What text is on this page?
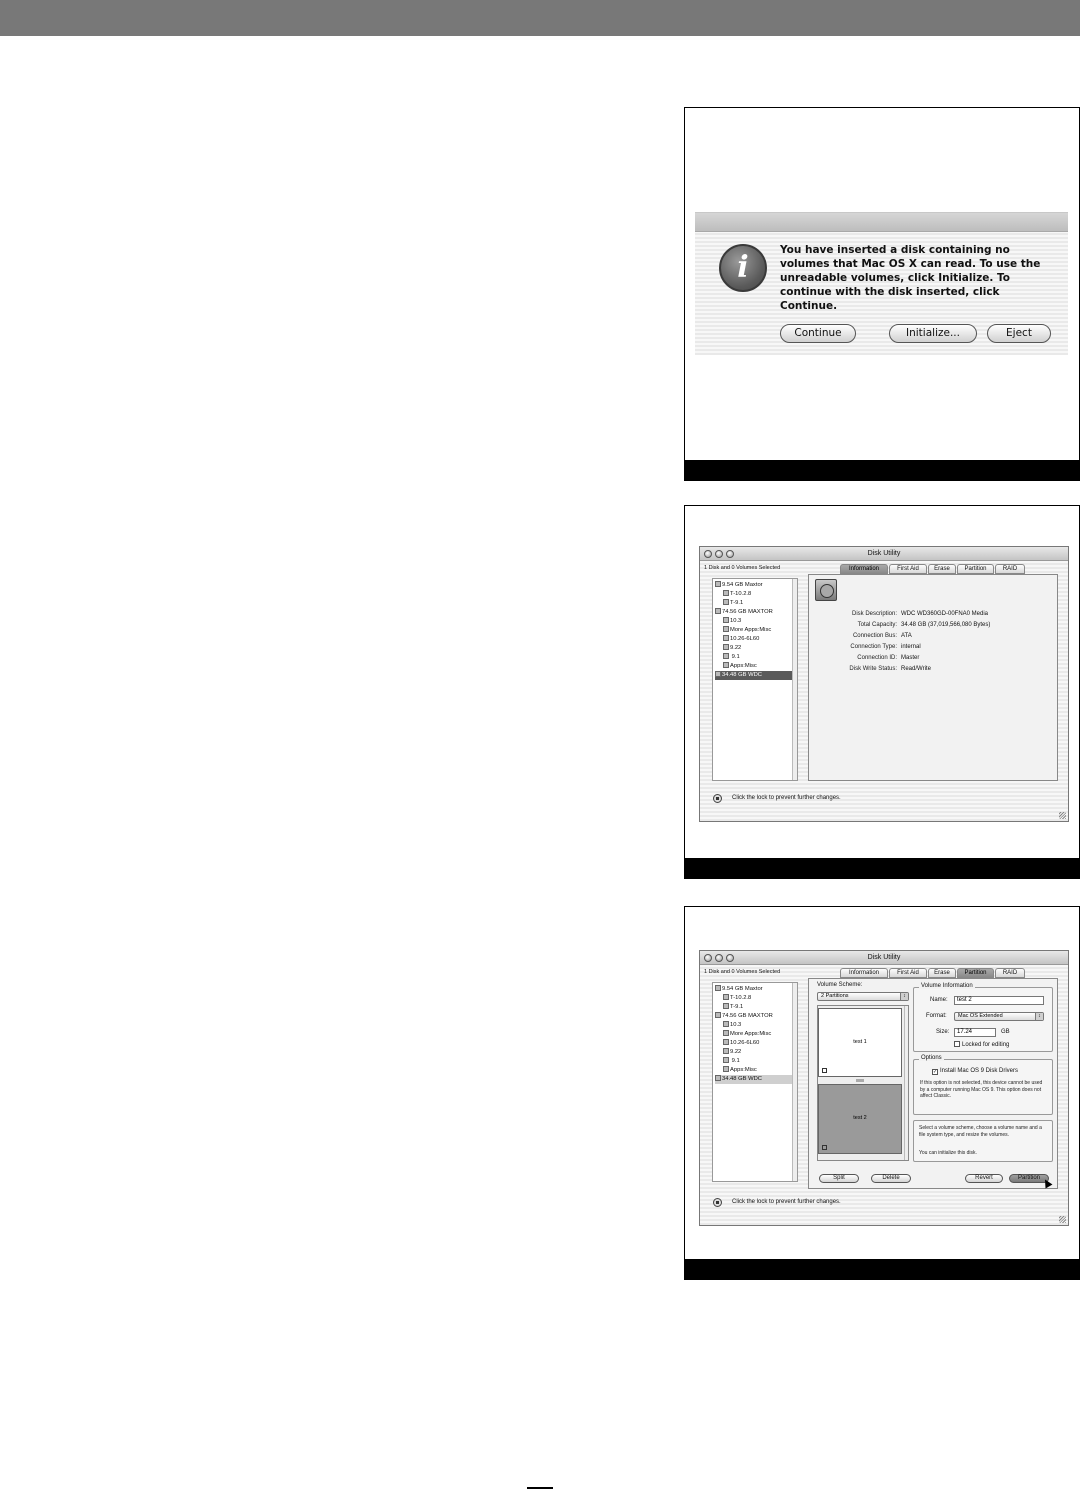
i	You have inserted a disk containing no volumes that Mac OS X can read. To use the unreadable volumes, click Initialize. To continue with the disk inserted, click Continue.
Continue	Initialize...	Eject
Disk Utility
1 Disk and 0 Volumes Selected
9.54 GB Maxtor
T-10.2.8
T-9.1
74.56 GB MAXTOR
10.3
More Apps:Misc
10.26-6L60
9.22
9.1
Apps:Misc
34.48 GB WDC
Information	First Aid	Erase	Partition	RAID
Disk Description: WDC WD360GD-00FNA0 Media
Total Capacity: 34.48 GB (37,019,566,080 Bytes)
Connection Bus: ATA
Connection Type: internal
Connection ID: Master
Disk Write Status: Read/Write
Click the lock to prevent further changes.
Disk Utility
1 Disk and 0 Volumes Selected
9.54 GB Maxtor
T-10.2.8
T-9.1
74.56 GB MAXTOR
10.3
More Apps:Misc
10.26-6L60
9.22
9.1
Apps:Misc
34.48 GB WDC
Information	First Aid	Erase	Partition	RAID
Volume Scheme:
2 Partitions	↕
test 1
test 2
Volume Information
Name:	test 2
Format:	Mac OS Extended	↕
Size:	17.24	GB
Locked for editing
Options
✓ Install Mac OS 9 Disk Drivers
If this option is not selected, this device cannot be used by a computer running Mac OS 9. This option does not affect Classic.
Select a volume scheme, choose a volume name and a file system type, and resize the volumes.
You can initialize this disk.
Split	Delete	Revert	Partition
Click the lock to prevent further changes.
